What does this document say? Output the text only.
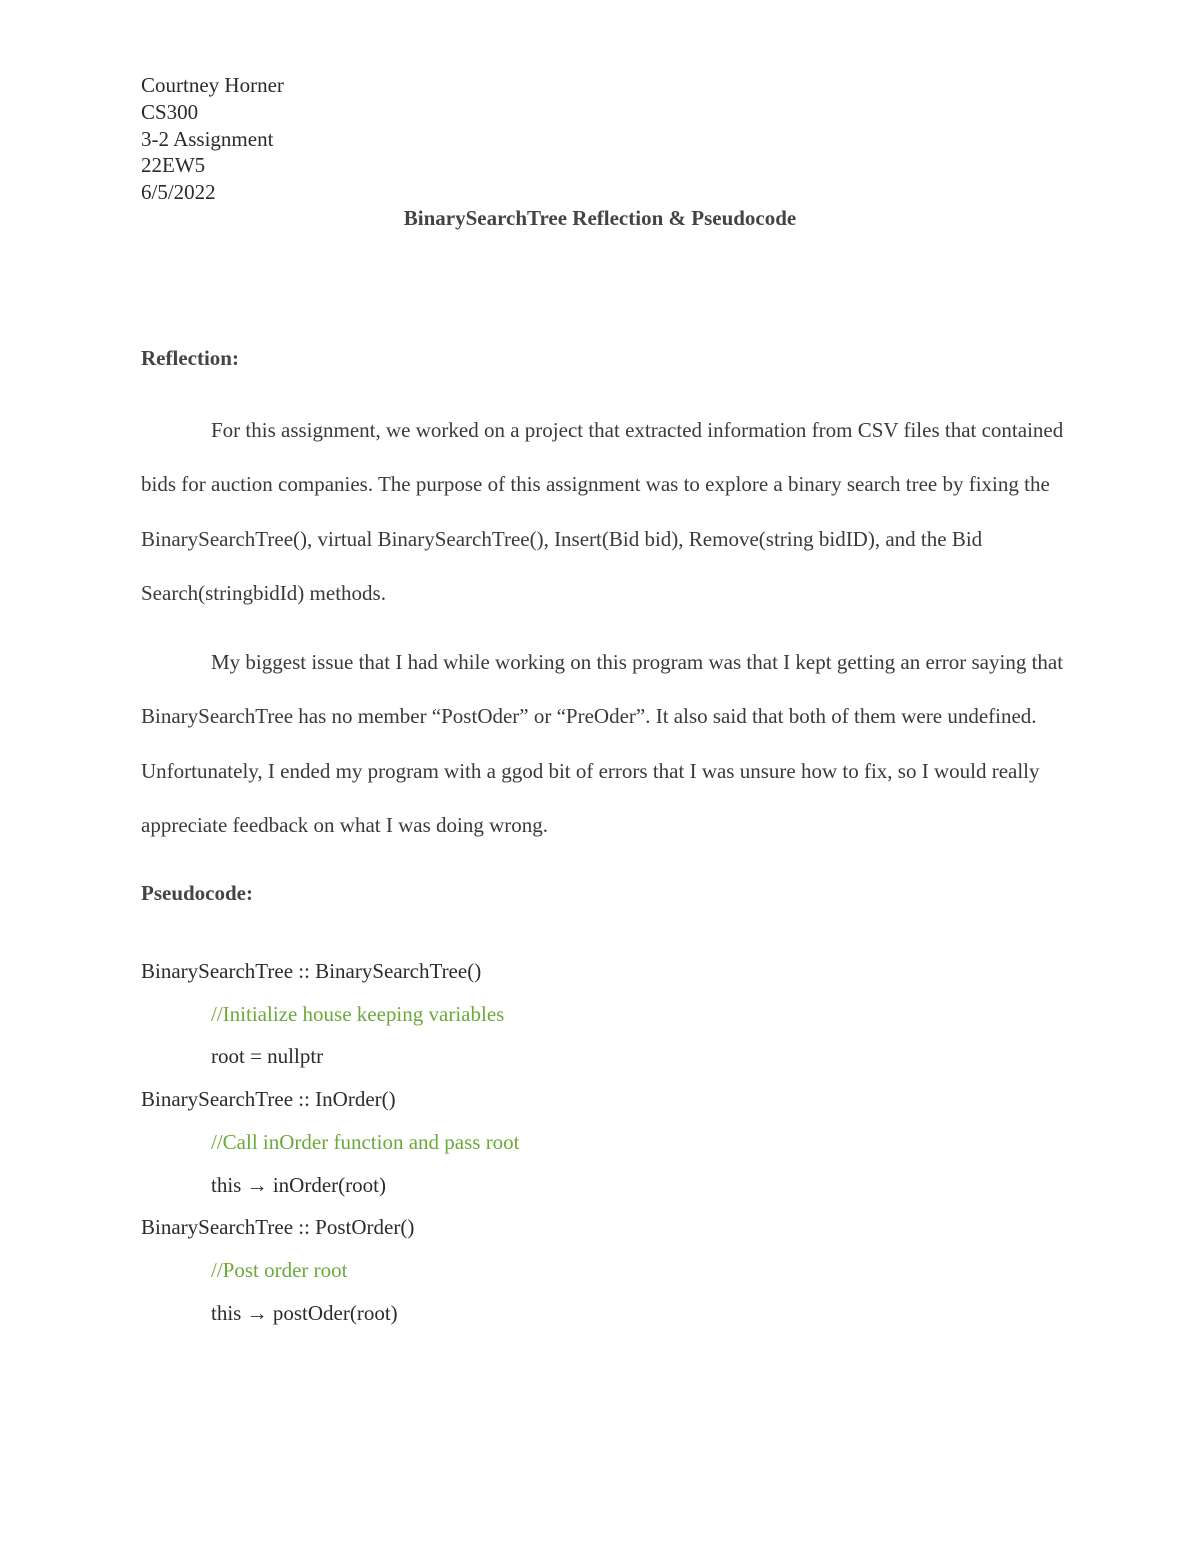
Courtney Horner
CS300
3-2 Assignment
22EW5
6/5/2022
BinarySearchTree Reflection & Pseudocode
Reflection:

For this assignment, we worked on a project that extracted information from CSV files that contained bids for auction companies. The purpose of this assignment was to explore a binary search tree by fixing the BinarySearchTree(), virtual BinarySearchTree(), Insert(Bid bid), Remove(string bidID), and the Bid Search(stringbidId) methods.

My biggest issue that I had while working on this program was that I kept getting an error saying that BinarySearchTree has no member “PostOder” or “PreOder”. It also said that both of them were undefined. Unfortunately, I ended my program with a ggod bit of errors that I was unsure how to fix, so I would really appreciate feedback on what I was doing wrong.

Pseudocode:
BinarySearchTree :: BinarySearchTree()
//Initialize house keeping variables
root = nullptr
BinarySearchTree :: InOrder()
//Call inOrder function and pass root
this → inOrder(root)
BinarySearchTree :: PostOrder()
//Post order root
this → postOder(root)
